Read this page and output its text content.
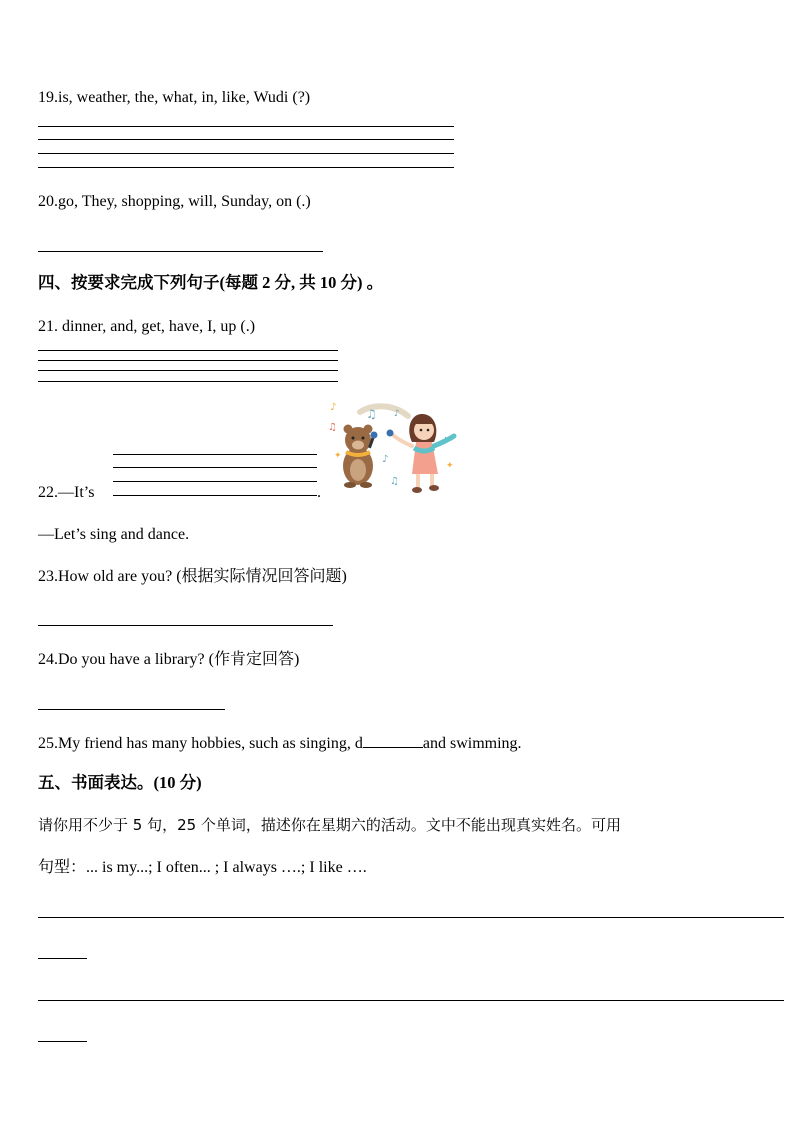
19.is, weather, the, what, in, like, Wudi (?)
20.go, They, shopping, will, Sunday, on (.)
四、按要求完成下列句子(每题 2 分, 共 10 分) 。
21. dinner, and, get, have, I, up (.)
22.—It’s	.
♫ ♪
♪
♫
♪
♫
♪
✦
✦
—Let’s sing and dance.
23.How old are you? (根据实际情况回答问题)
24.Do you have a library? (作肯定回答)
25.My friend has many hobbies, such as singing, d	and swimming.
五、书面表达。(10 分)
请你用不少于 5 句，25 个单词，描述你在星期六的活动。文中不能出现真实姓名。可用
句型：... is my...; I often... ; I always ….; I like ….
